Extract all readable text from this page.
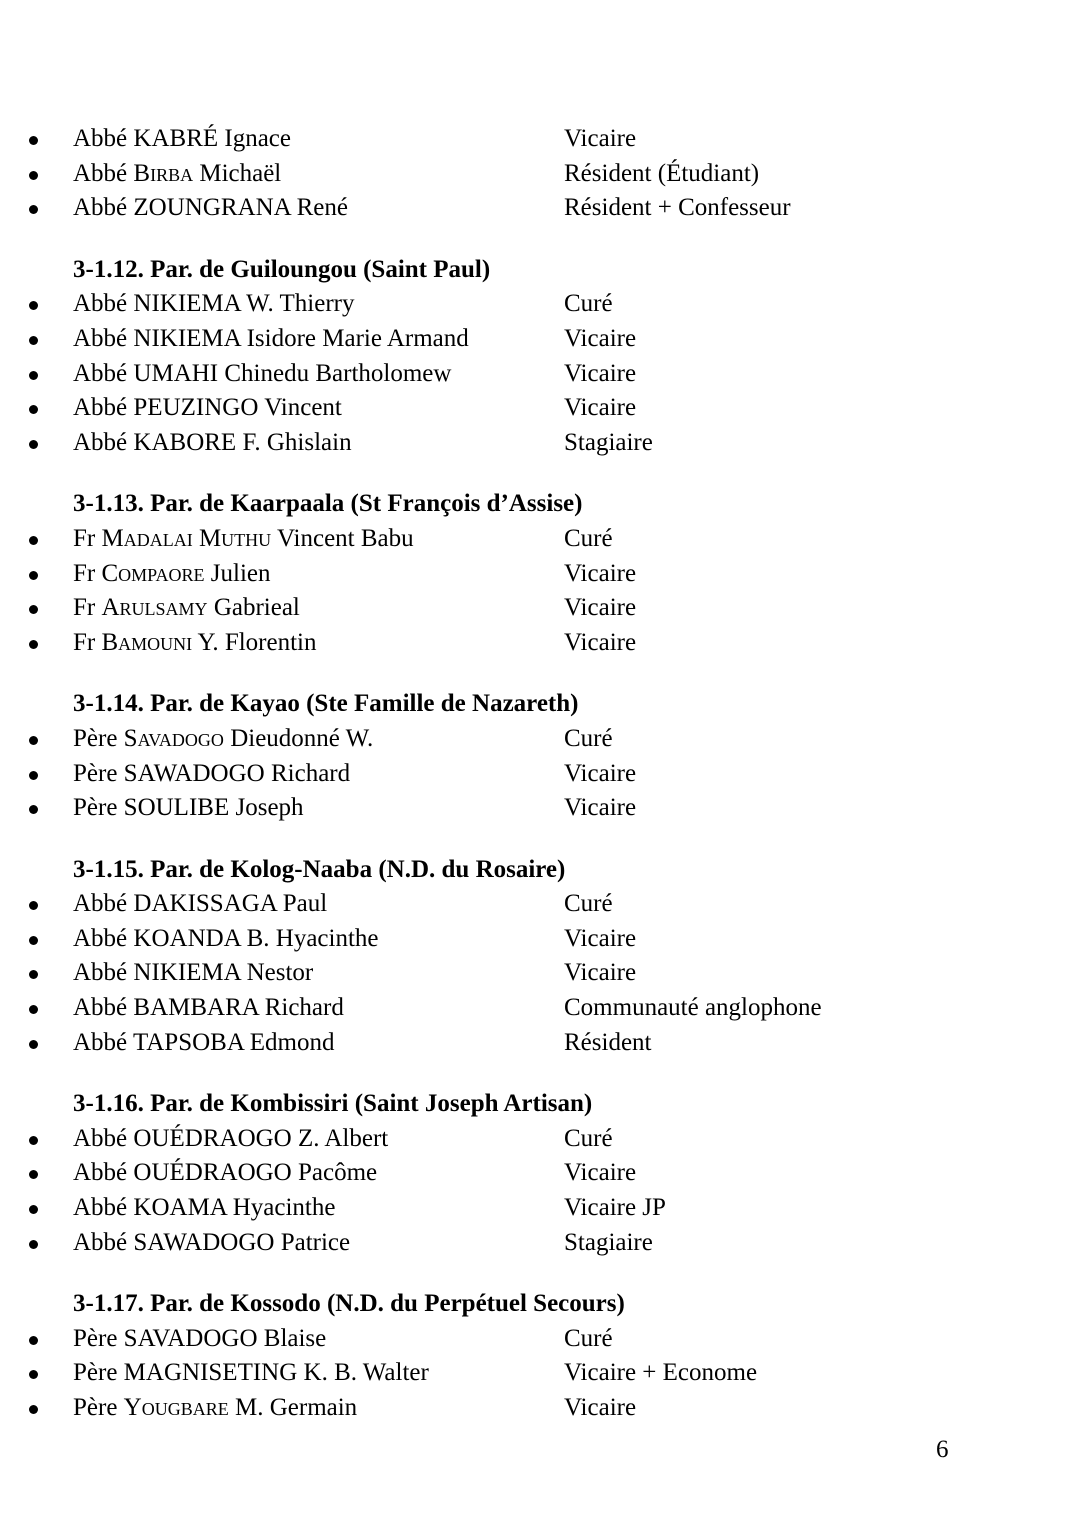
Abbé KABRÉ Ignace	Vicaire
Abbé Birba Michaël	Résident (Étudiant)
Abbé ZOUNGRANA René	Résident + Confesseur
3-1.12. Par. de Guiloungou (Saint Paul)
Abbé NIKIEMA W. Thierry	Curé
Abbé NIKIEMA Isidore Marie Armand	Vicaire
Abbé UMAHI Chinedu Bartholomew	Vicaire
Abbé PEUZINGO Vincent	Vicaire
Abbé KABORE F. Ghislain	Stagiaire
3-1.13. Par. de Kaarpaala (St François d’Assise)
Fr Madalai Muthu Vincent Babu	Curé
Fr Compaore Julien	Vicaire
Fr Arulsamy Gabrieal	Vicaire
Fr Bamouni Y. Florentin	Vicaire
3-1.14. Par. de Kayao (Ste Famille de Nazareth)
Père Savadogo Dieudonné W.	Curé
Père SAWADOGO Richard	Vicaire
Père SOULIBE Joseph	Vicaire
3-1.15. Par. de Kolog-Naaba (N.D. du Rosaire)
Abbé DAKISSAGA Paul	Curé
Abbé KOANDA B. Hyacinthe	Vicaire
Abbé NIKIEMA Nestor	Vicaire
Abbé BAMBARA Richard	Communauté anglophone
Abbé TAPSOBA Edmond	Résident
3-1.16. Par. de Kombissiri (Saint Joseph Artisan)
Abbé OUÉDRAOGO Z. Albert	Curé
Abbé OUÉDRAOGO Pacôme	Vicaire
Abbé KOAMA Hyacinthe	Vicaire JP
Abbé SAWADOGO Patrice	Stagiaire
3-1.17. Par. de Kossodo (N.D. du Perpétuel Secours)
Père SAVADOGO Blaise	Curé
Père MAGNISETING K. B. Walter	Vicaire + Econome
Père Yougbare M. Germain	Vicaire
6
